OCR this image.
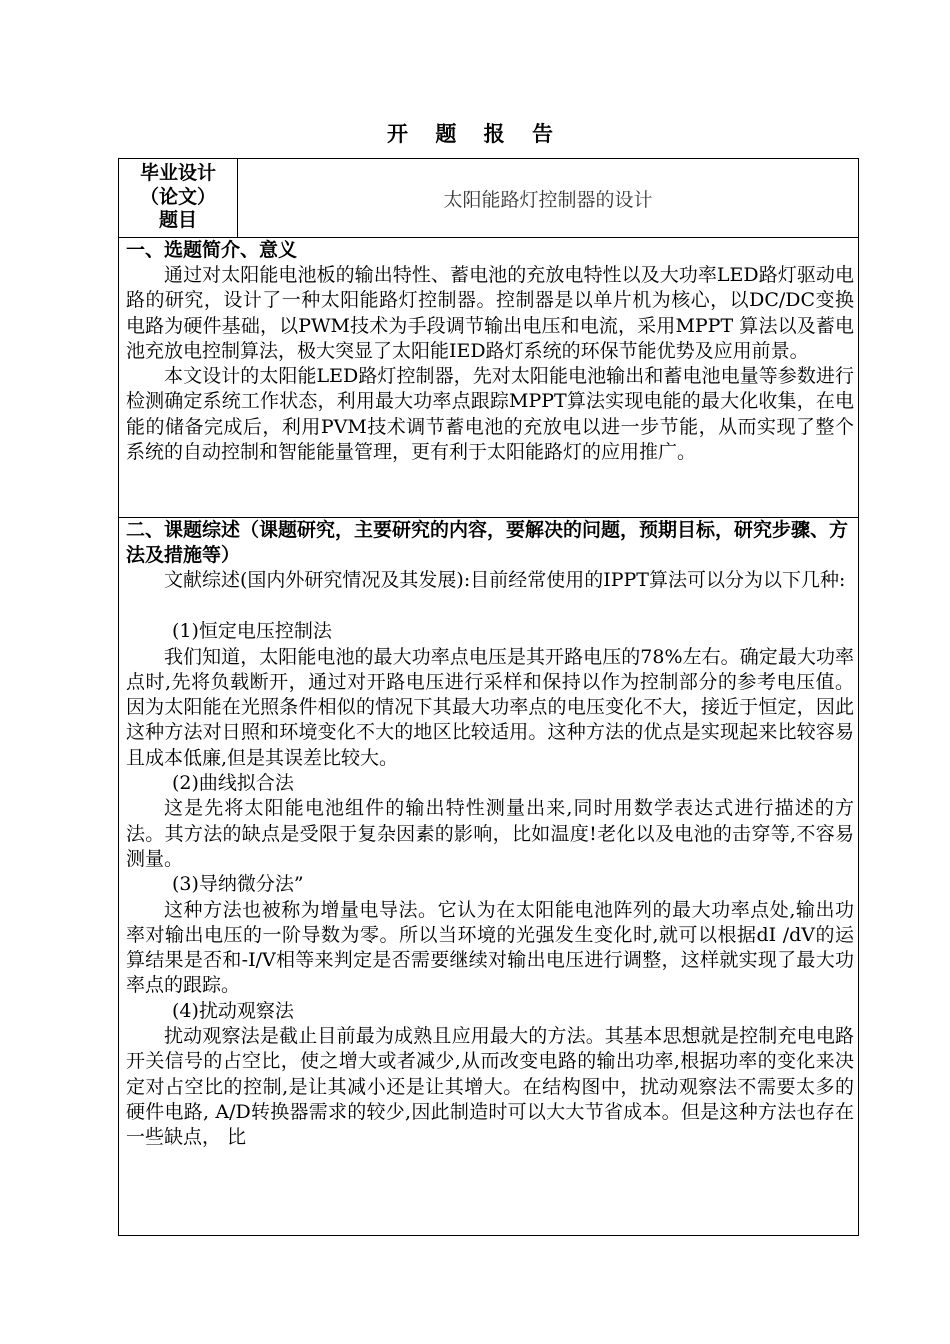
开 题 报 告
毕业设计
（论文）
题目
太阳能路灯控制器的设计
一、选题简介、意义
通过对太阳能电池板的输出特性、蓄电池的充放电特性以及大功率LED路灯驱动电路的研究，设计了一种太阳能路灯控制器。控制器是以单片机为核心，以DC/DC变换电路为硬件基础，以PWM技术为手段调节输出电压和电流，采用MPPT 算法以及蓄电池充放电控制算法，极大突显了太阳能IED路灯系统的环保节能优势及应用前景。
本文设计的太阳能LED路灯控制器，先对太阳能电池输出和蓄电池电量等参数进行检测确定系统工作状态，利用最大功率点跟踪MPPT算法实现电能的最大化收集，在电能的储备完成后，利用PVM技术调节蓄电池的充放电以进一步节能，从而实现了整个系统的自动控制和智能能量管理，更有利于太阳能路灯的应用推广。
二、课题综述（课题研究，主要研究的内容，要解决的问题，预期目标，研究步骤、方法及措施等）
文献综述(国内外研究情况及其发展):目前经常使用的IPPT算法可以分为以下几种:
(1)恒定电压控制法
我们知道，太阳能电池的最大功率点电压是其开路电压的78%左右。确定最大功率点时,先将负载断开，通过对开路电压进行采样和保持以作为控制部分的参考电压值。因为太阳能在光照条件相似的情况下其最大功率点的电压变化不大，接近于恒定，因此这种方法对日照和环境变化不大的地区比较适用。这种方法的优点是实现起来比较容易且成本低廉,但是其误差比较大。
(2)曲线拟合法
这是先将太阳能电池组件的输出特性测量出来,同时用数学表达式进行描述的方法。其方法的缺点是受限于复杂因素的影响，比如温度!老化以及电池的击穿等,不容易测量。
(3)导纳微分法”
这种方法也被称为增量电导法。它认为在太阳能电池阵列的最大功率点处,输出功率对输出电压的一阶导数为零。所以当环境的光强发生变化时,就可以根据dI /dV的运算结果是否和-I/V相等来判定是否需要继续对输出电压进行调整，这样就实现了最大功率点的跟踪。
(4)扰动观察法
扰动观察法是截止目前最为成熟且应用最大的方法。其基本思想就是控制充电电路开关信号的占空比，使之增大或者减少,从而改变电路的输出功率,根据功率的变化来决定对占空比的控制,是让其减小还是让其增大。在结构图中，扰动观察法不需要太多的硬件电路, A/D转换器需求的较少,因此制造时可以大大节省成本。但是这种方法也存在一些缺点， 比
